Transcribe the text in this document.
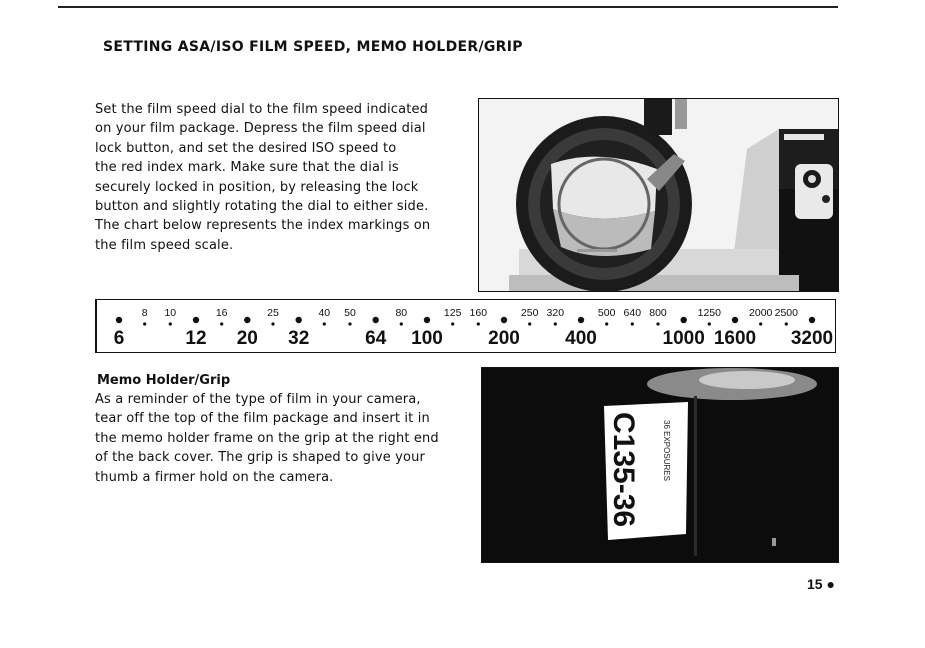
SETTING ASA/ISO FILM SPEED, MEMO HOLDER/GRIP

Set the film speed dial to the film speed indicated
on your film package. Depress the film speed dial
lock button, and set the desired ISO speed to
the red index mark. Make sure that the dial is
securely locked in position, by releasing the lock
button and slightly rotating the dial to either side.
The chart below represents the index markings on
the film speed scale.

6
8 10
12
16
20
25
32
40 50
64
80
100
125 160
200
250 320
400
500 640 800
1000
1250
1600
2000 2500
3200
Memo Holder/Grip

As a reminder of the type of film in your camera,
tear off the top of the film package and insert it in
the memo holder frame on the grip at the right end
of the back cover. The grip is shaped to give your
thumb a firmer hold on the camera.	C135-36	36 EXPOSURES
15 ●
